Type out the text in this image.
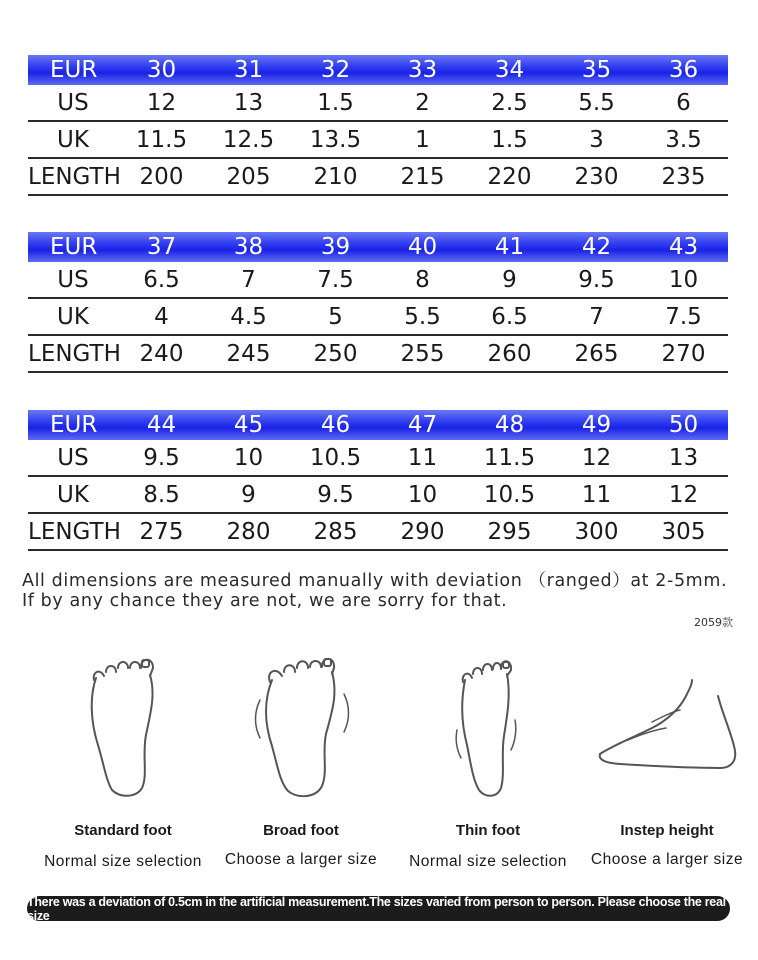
EUR	30	31	32	33	34	35	36
US	12	13	1.5	2	2.5	5.5	6
UK	11.5	12.5	13.5	1	1.5	3	3.5
LENGTH 200	205	210	215	220	230	235
EUR	37	38	39	40	41	42	43
US	6.5	7	7.5	8	9	9.5	10
UK	4	4.5	5	5.5	6.5	7	7.5
LENGTH 240	245	250	255	260	265	270
EUR	44	45	46	47	48	49	50
US	9.5	10	10.5	11	11.5	12	13
UK	8.5	9	9.5	10	10.5	11	12
LENGTH 275	280	285	290	295	300	305
All dimensions are measured manually with deviation （ranged）at 2-5mm.
If by any chance they are not, we are sorry for that.
2059款
Standard foot
Normal size selection
Broad foot
Choose a larger size
Thin foot
Normal size selection
Instep height
Choose a larger size
There was a deviation of 0.5cm in the artificial measurement.The sizes varied from person to person. Please choose the real size
